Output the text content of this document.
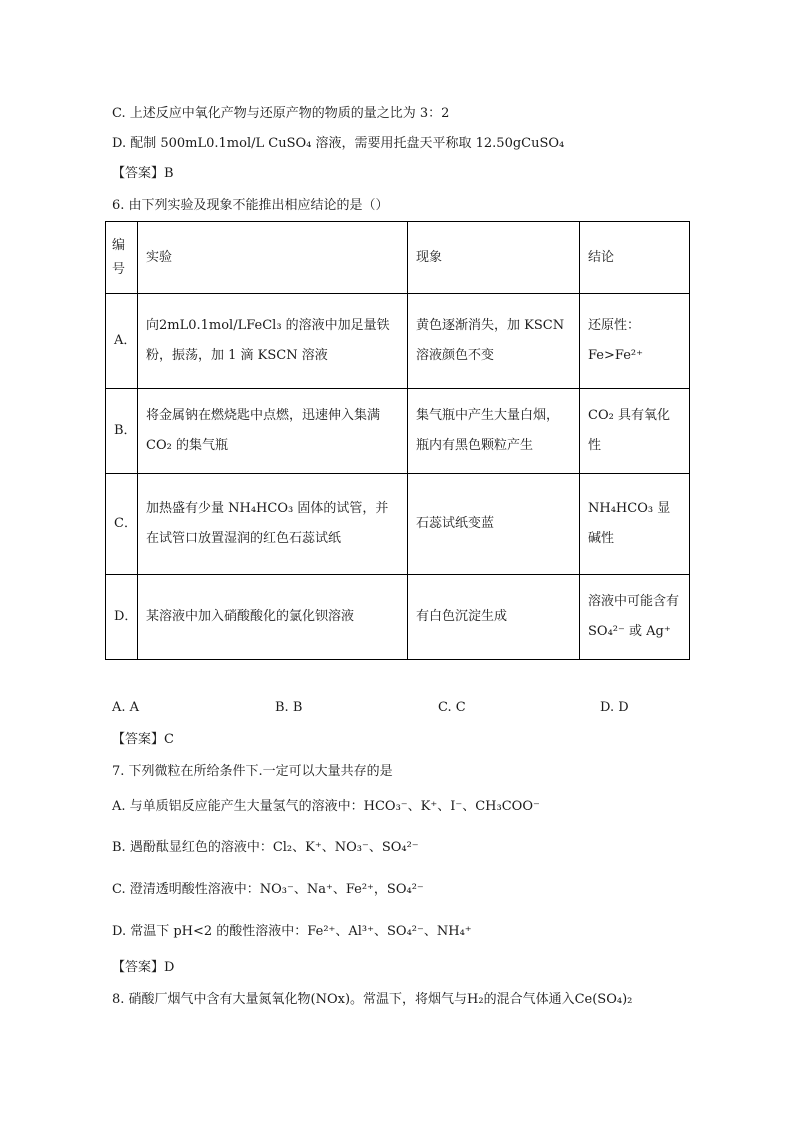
C. 上述反应中氧化产物与还原产物的物质的量之比为 3：2
D. 配制 500mL0.1mol/L CuSO₄ 溶液，需要用托盘天平称取 12.50gCuSO₄
【答案】B
6. 由下列实验及现象不能推出相应结论的是（）
编号	实验	现象	结论
A．	向2mL0.1mol/LFeCl₃ 的溶液中加足量铁粉，振荡，加 1 滴 KSCN 溶液	黄色逐渐消失，加 KSCN 溶液颜色不变	还原性：Fe>Fe²⁺
B．	将金属钠在燃烧匙中点燃，迅速伸入集满CO₂ 的集气瓶	集气瓶中产生大量白烟，瓶内有黑色颗粒产生	CO₂ 具有氧化性
C．	加热盛有少量 NH₄HCO₃ 固体的试管，并在试管口放置湿润的红色石蕊试纸	石蕊试纸变蓝	NH₄HCO₃ 显碱性
D．	某溶液中加入硝酸酸化的氯化钡溶液	有白色沉淀生成	溶液中可能含有SO₄²⁻ 或 Ag⁺
A. A	B. B	C. C	D. D
【答案】C
7. 下列微粒在所给条件下.一定可以大量共存的是
A. 与单质铝反应能产生大量氢气的溶液中：HCO₃⁻、K⁺、I⁻、CH₃COO⁻
B. 遇酚酞显红色的溶液中：Cl₂、K⁺、NO₃⁻、SO₄²⁻
C. 澄清透明酸性溶液中：NO₃⁻、Na⁺、Fe²⁺，SO₄²⁻
D. 常温下 pH<2 的酸性溶液中：Fe²⁺、Al³⁺、SO₄²⁻、NH₄⁺
【答案】D
8. 硝酸厂烟气中含有大量氮氧化物(NOx)。常温下，将烟气与H₂的混合气体通入Ce(SO₄)₂
